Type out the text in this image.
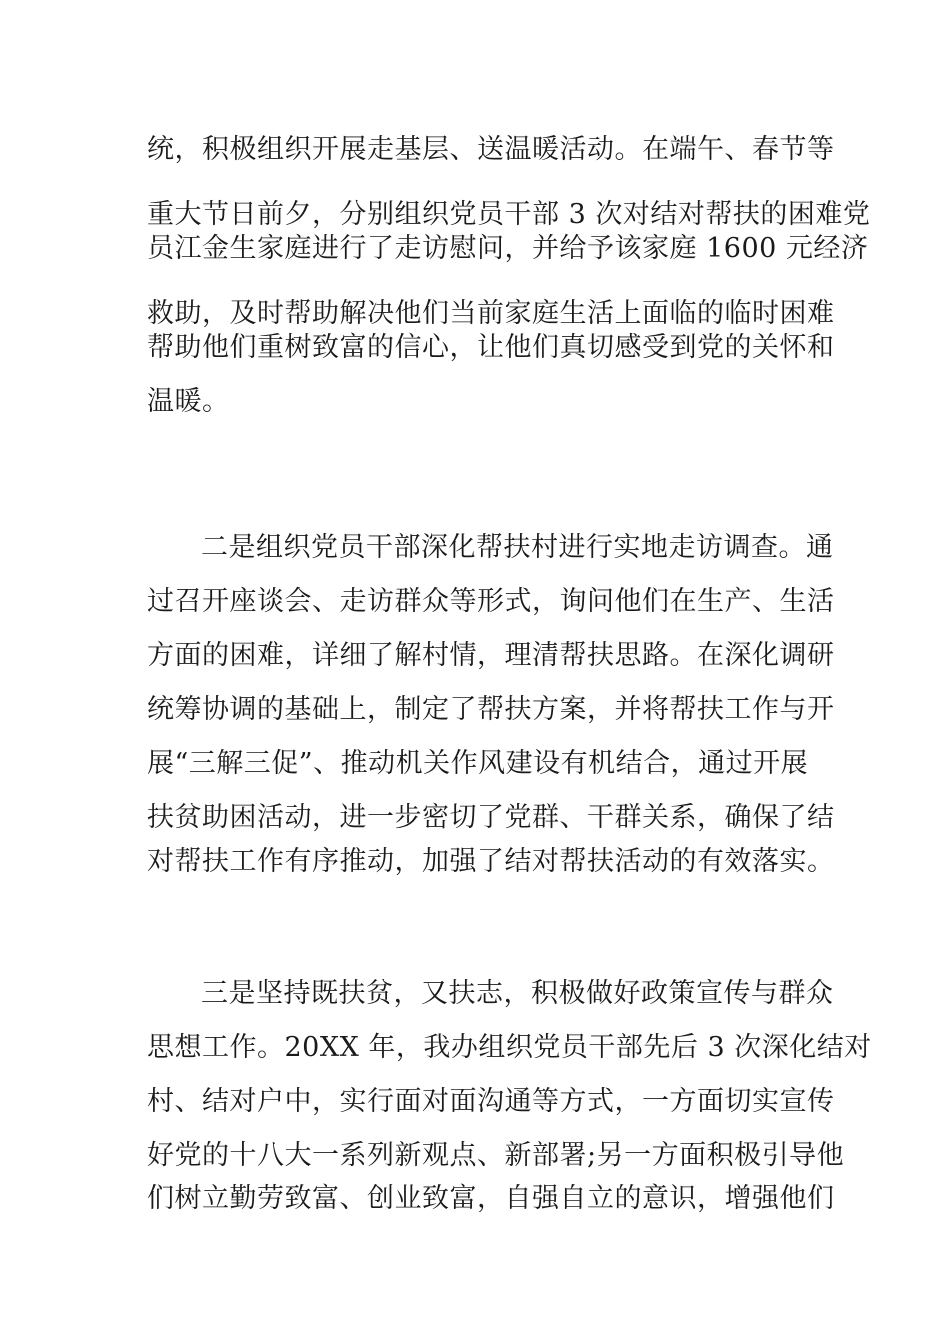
统，积极组织开展走基层、送温暖活动。在端午、春节等

重大节日前夕，分别组织党员干部 3 次对结对帮扶的困难党

员江金生家庭进行了走访慰问，并给予该家庭 1600 元经济

救助，及时帮助解决他们当前家庭生活上面临的临时困难

帮助他们重树致富的信心，让他们真切感受到党的关怀和

温暖。

二是组织党员干部深化帮扶村进行实地走访调查。通

过召开座谈会、走访群众等形式，询问他们在生产、生活

方面的困难，详细了解村情，理清帮扶思路。在深化调研

统筹协调的基础上，制定了帮扶方案，并将帮扶工作与开

展“三解三促”、推动机关作风建设有机结合，通过开展

扶贫助困活动，进一步密切了党群、干群关系，确保了结

对帮扶工作有序推动，加强了结对帮扶活动的有效落实。

三是坚持既扶贫，又扶志，积极做好政策宣传与群众

思想工作。20XX 年，我办组织党员干部先后 3 次深化结对

村、结对户中，实行面对面沟通等方式，一方面切实宣传

好党的十八大一系列新观点、新部署;另一方面积极引导他

们树立勤劳致富、创业致富，自强自立的意识，增强他们
